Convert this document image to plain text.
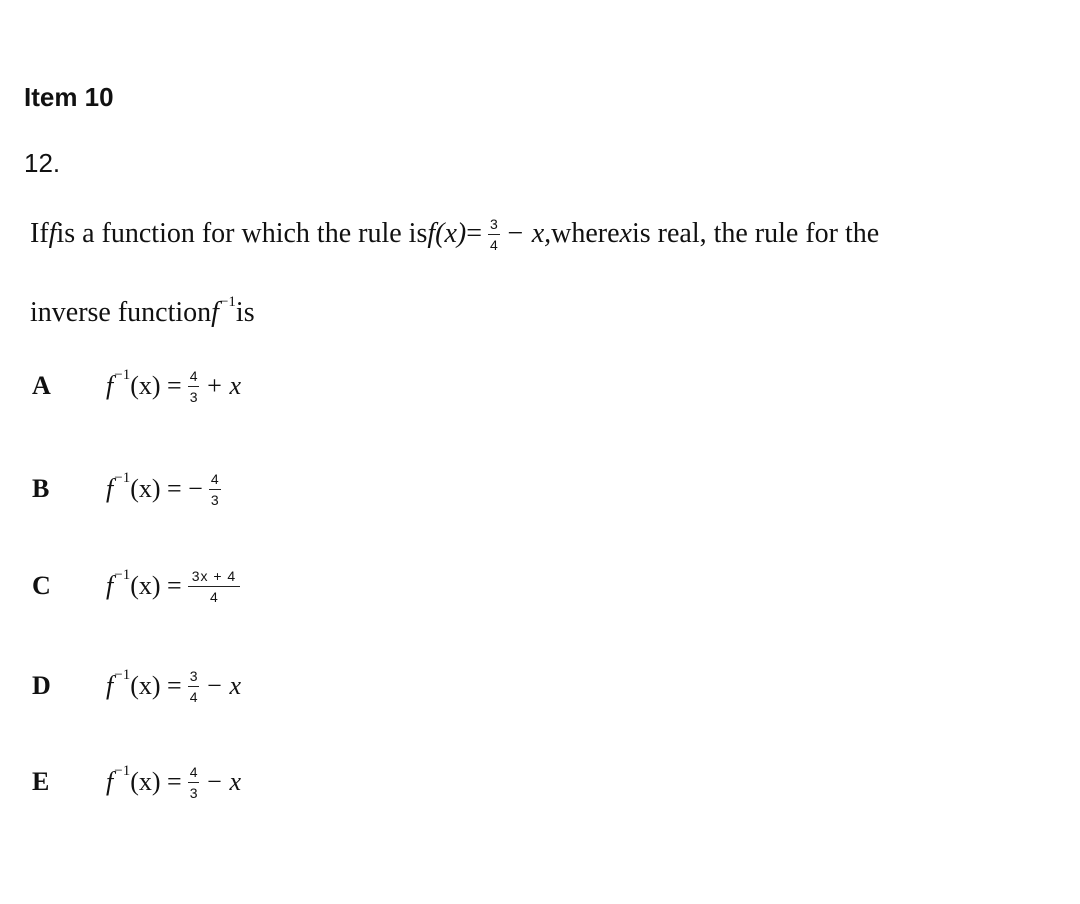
Item 10
12.
If f is a function for which the rule is $f(x) = \frac{3}{4} - x$, where x is real, the rule for the
inverse function f −1 is
A	f −1 $(x) = \frac{4}{3} + x$
B	f −1 (x) = − $\frac{4}{3}$
C	f −1 $(x) = \frac{3x + 4}{4}$
D	f −1 $(x) = \frac{3}{4} - x$
E	f −1 $(x) = \frac{4}{3} - x$
